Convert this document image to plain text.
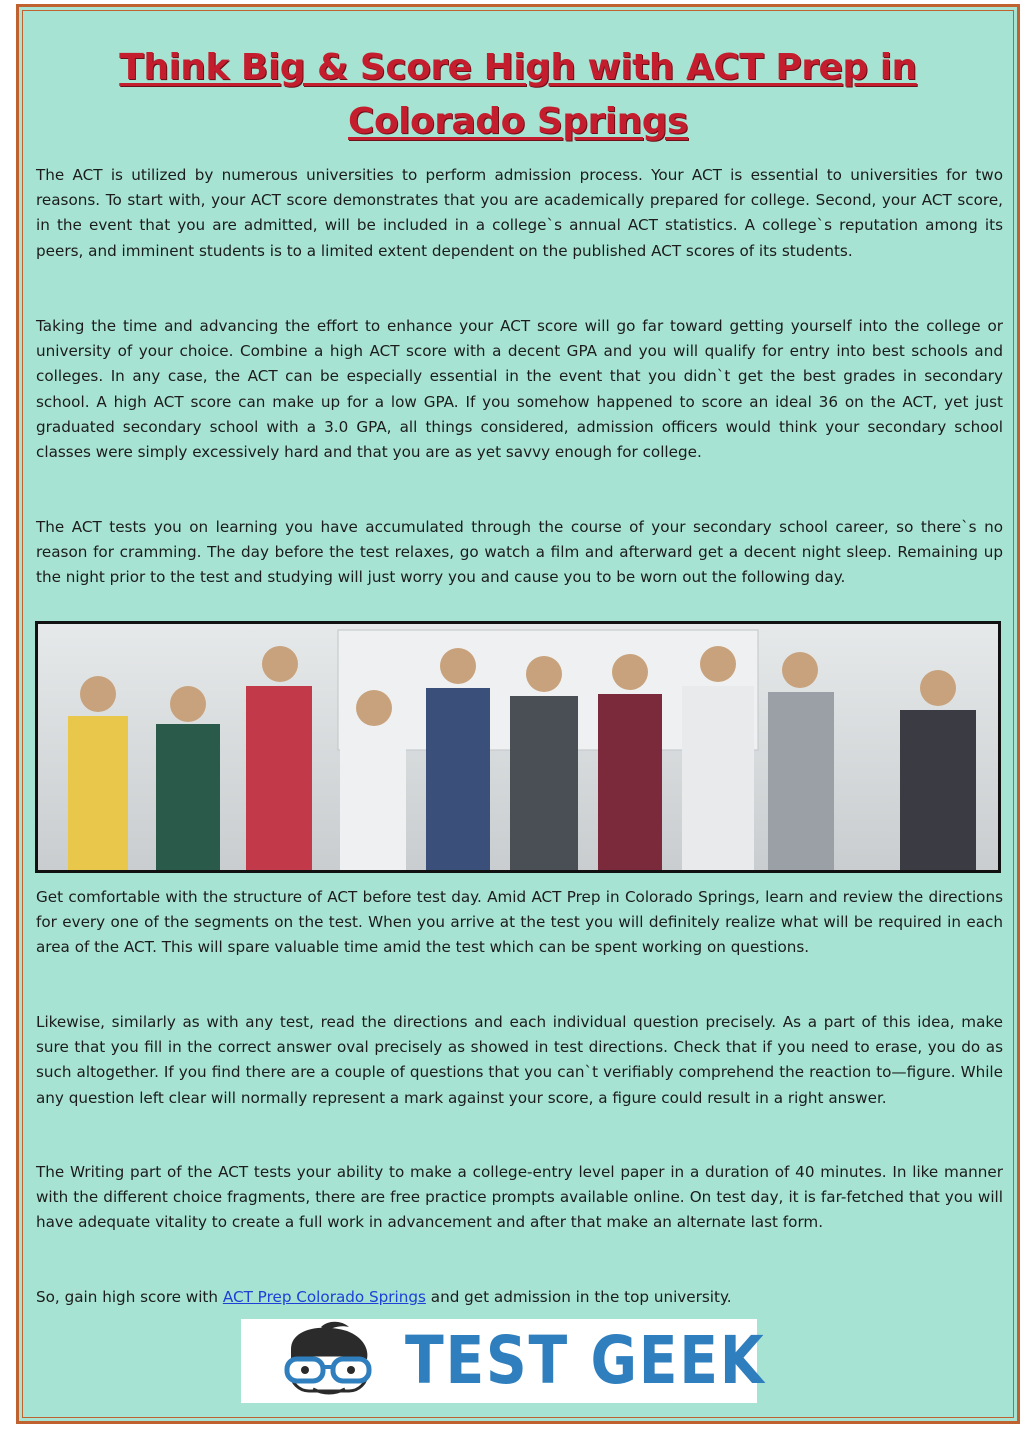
Think Big & Score High with ACT Prep in
Colorado Springs

The ACT is utilized by numerous universities to perform admission process. Your ACT is essential to universities for two reasons. To start with, your ACT score demonstrates that you are academically prepared for college. Second, your ACT score, in the event that you are admitted, will be included in a college`s annual ACT statistics. A college`s reputation among its peers, and imminent students is to a limited extent dependent on the published ACT scores of its students.

Taking the time and advancing the effort to enhance your ACT score will go far toward getting yourself into the college or university of your choice. Combine a high ACT score with a decent GPA and you will qualify for entry into best schools and colleges. In any case, the ACT can be especially essential in the event that you didn`t get the best grades in secondary school. A high ACT score can make up for a low GPA. If you somehow happened to score an ideal 36 on the ACT, yet just graduated secondary school with a 3.0 GPA, all things considered, admission officers would think your secondary school classes were simply excessively hard and that you are as yet savvy enough for college.

The ACT tests you on learning you have accumulated through the course of your secondary school career, so there`s no reason for cramming. The day before the test relaxes, go watch a film and afterward get a decent night sleep. Remaining up the night prior to the test and studying will just worry you and cause you to be worn out the following day.

Get comfortable with the structure of ACT before test day. Amid ACT Prep in Colorado Springs, learn and review the directions for every one of the segments on the test. When you arrive at the test you will definitely realize what will be required in each area of the ACT. This will spare valuable time amid the test which can be spent working on questions.

Likewise, similarly as with any test, read the directions and each individual question precisely. As a part of this idea, make sure that you fill in the correct answer oval precisely as showed in test directions. Check that if you need to erase, you do as such altogether. If you find there are a couple of questions that you can`t verifiably comprehend the reaction to—figure. While any question left clear will normally represent a mark against your score, a figure could result in a right answer.

The Writing part of the ACT tests your ability to make a college-entry level paper in a duration of 40 minutes. In like manner with the different choice fragments, there are free practice prompts available online. On test day, it is far-fetched that you will have adequate vitality to create a full work in advancement and after that make an alternate last form.

So, gain high score with ACT Prep Colorado Springs and get admission in the top university.

TEST GEEK
